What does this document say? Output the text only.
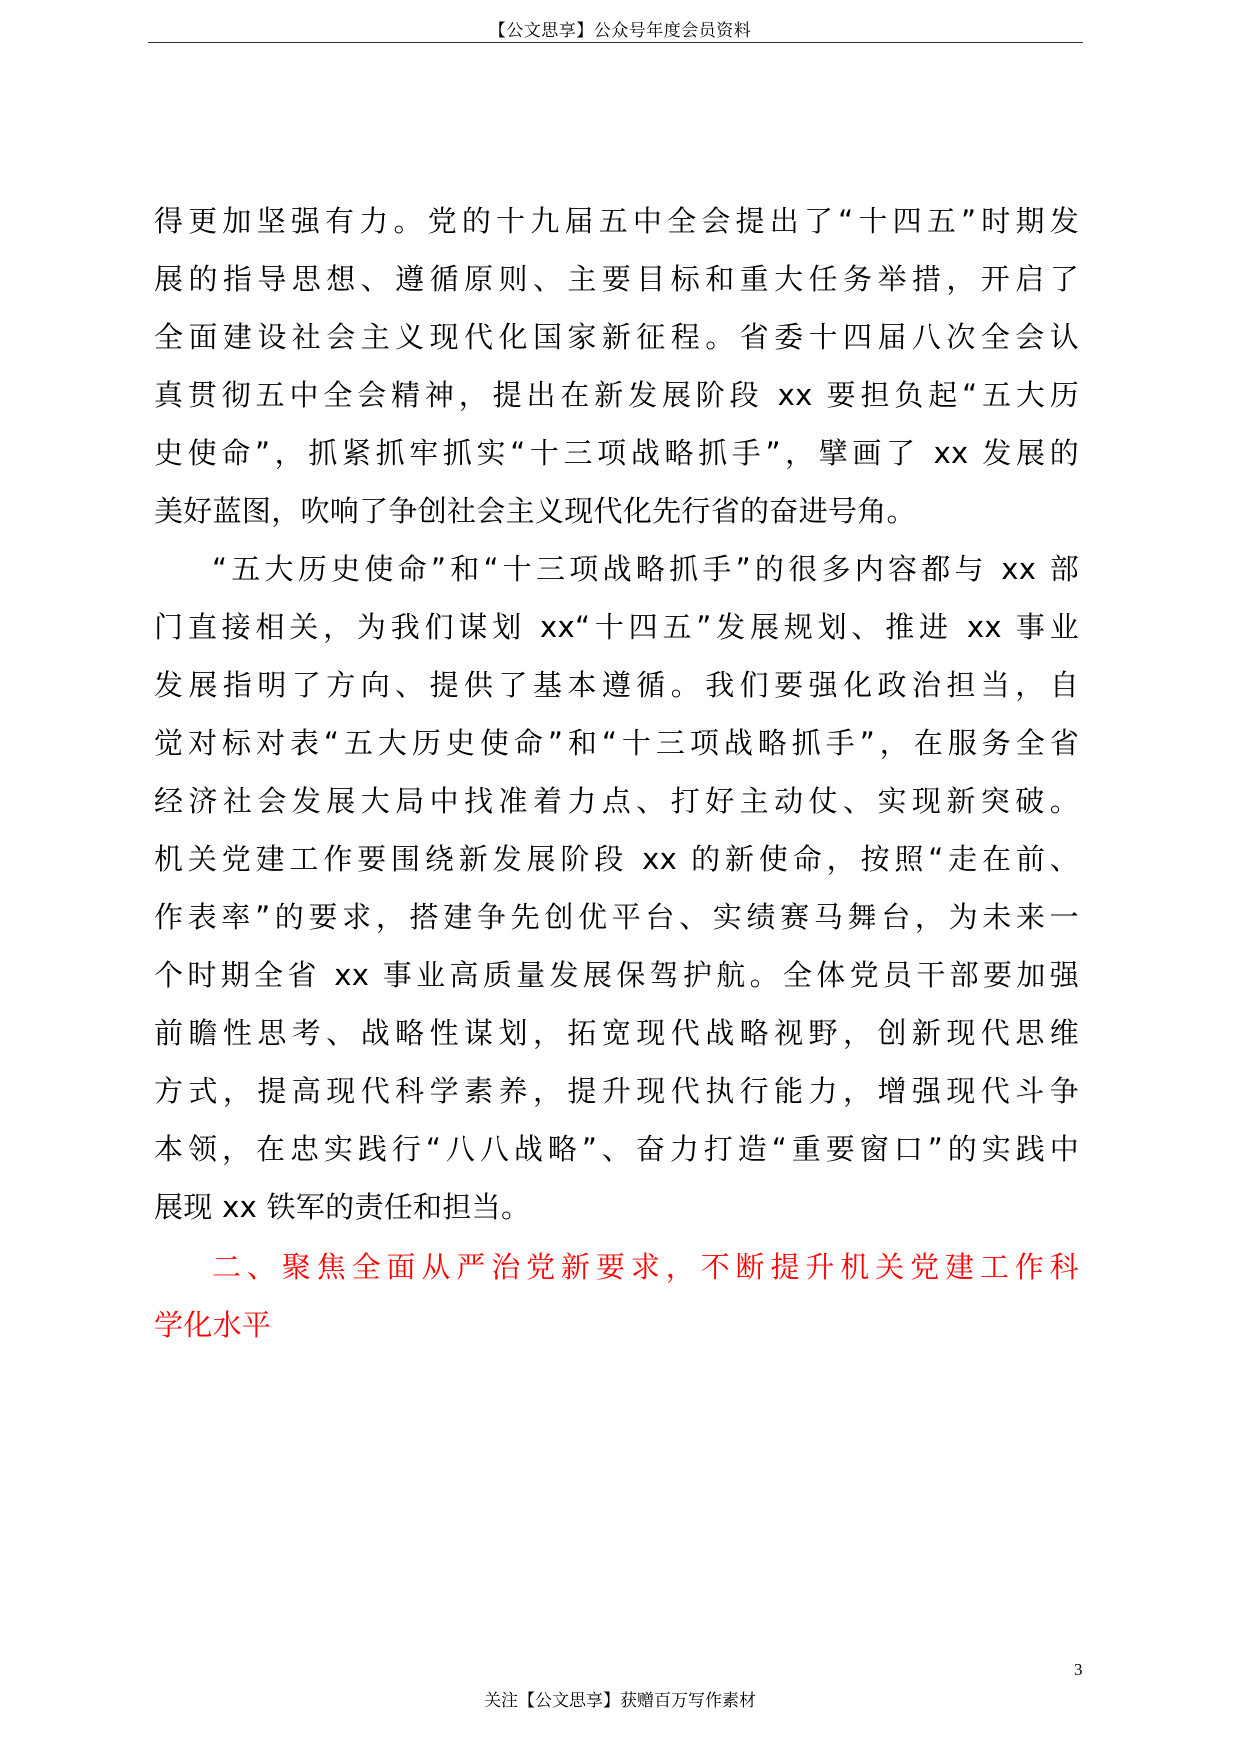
【公文思享】公众号年度会员资料
得更加坚强有力。党的十九届五中全会提出了“十四五”时期发
展的指导思想、遵循原则、主要目标和重大任务举措，开启了
全面建设社会主义现代化国家新征程。省委十四届八次全会认
真贯彻五中全会精神，提出在新发展阶段 xx 要担负起“五大历
史使命”，抓紧抓牢抓实“十三项战略抓手”，擘画了 xx 发展的
美好蓝图，吹响了争创社会主义现代化先行省的奋进号角。
“五大历史使命”和“十三项战略抓手”的很多内容都与 xx 部
门直接相关，为我们谋划 xx“十四五”发展规划、推进 xx 事业
发展指明了方向、提供了基本遵循。我们要强化政治担当，自
觉对标对表“五大历史使命”和“十三项战略抓手”，在服务全省
经济社会发展大局中找准着力点、打好主动仗、实现新突破。
机关党建工作要围绕新发展阶段 xx 的新使命，按照“走在前、
作表率”的要求，搭建争先创优平台、实绩赛马舞台，为未来一
个时期全省 xx 事业高质量发展保驾护航。全体党员干部要加强
前瞻性思考、战略性谋划，拓宽现代战略视野，创新现代思维
方式，提高现代科学素养，提升现代执行能力，增强现代斗争
本领，在忠实践行“八八战略”、奋力打造“重要窗口”的实践中
展现 xx 铁军的责任和担当。
二、聚焦全面从严治党新要求，不断提升机关党建工作科
学化水平
3
关注【公文思享】获赠百万写作素材
